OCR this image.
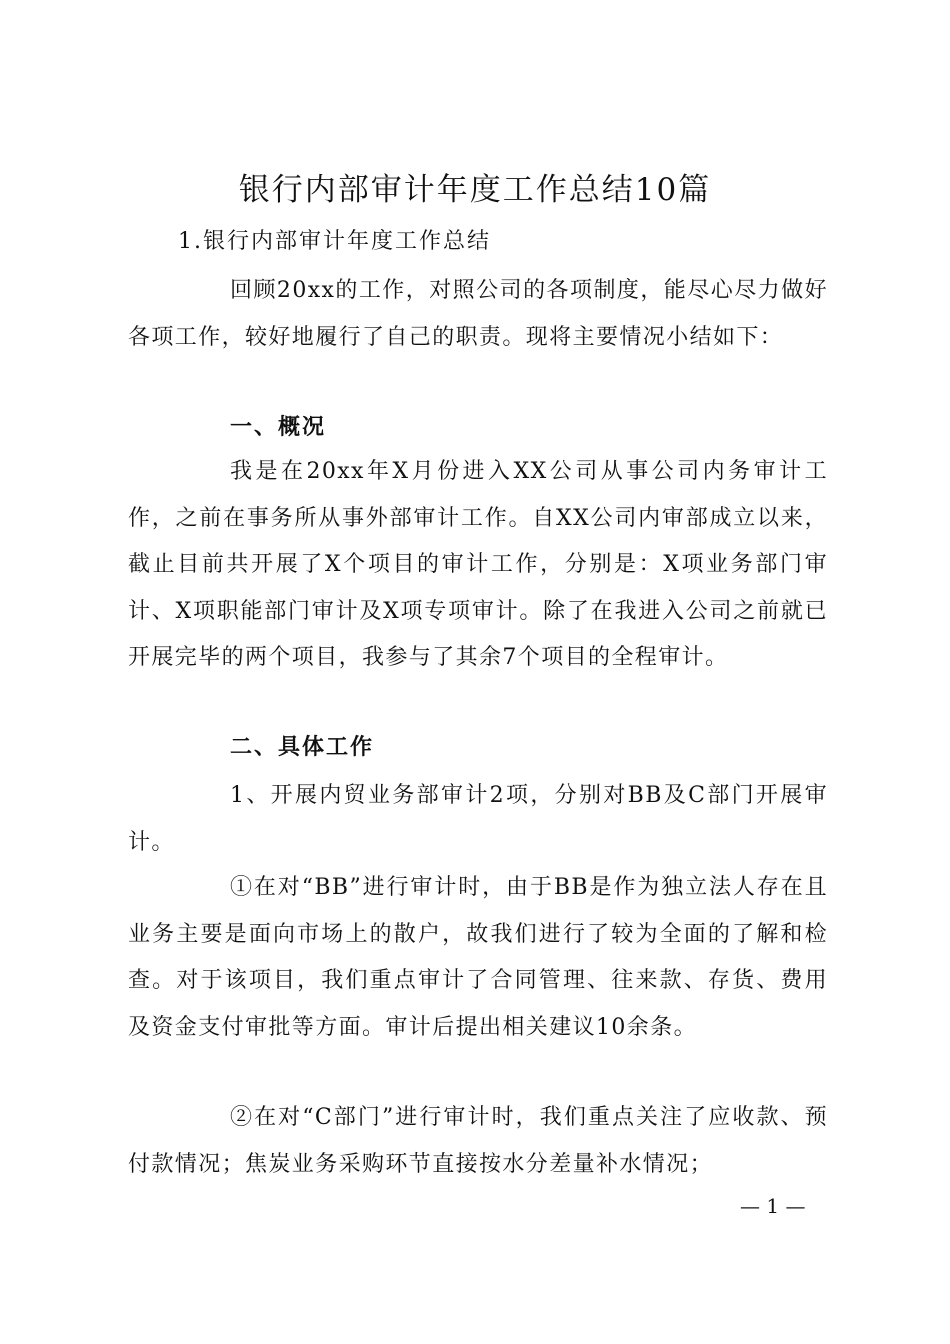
银行内部审计年度工作总结10篇
1.银行内部审计年度工作总结

回顾20xx的工作，对照公司的各项制度，能尽心尽力做好各项工作，较好地履行了自己的职责。现将主要情况小结如下：

一、概况

我是在20xx年X月份进入XX公司从事公司内务审计工作，之前在事务所从事外部审计工作。自XX公司内审部成立以来，截止目前共开展了X个项目的审计工作，分别是：X项业务部门审计、X项职能部门审计及X项专项审计。除了在我进入公司之前就已开展完毕的两个项目，我参与了其余7个项目的全程审计。

二、具体工作

1、开展内贸业务部审计2项，分别对BB及C部门开展审计。

①在对“BB”进行审计时，由于BB是作为独立法人存在且业务主要是面向市场上的散户，故我们进行了较为全面的了解和检查。对于该项目，我们重点审计了合同管理、往来款、存货、费用及资金支付审批等方面。审计后提出相关建议10余条。

②在对“C部门”进行审计时，我们重点关注了应收款、预付款情况；焦炭业务采购环节直接按水分差量补水情况；

— 1 —
